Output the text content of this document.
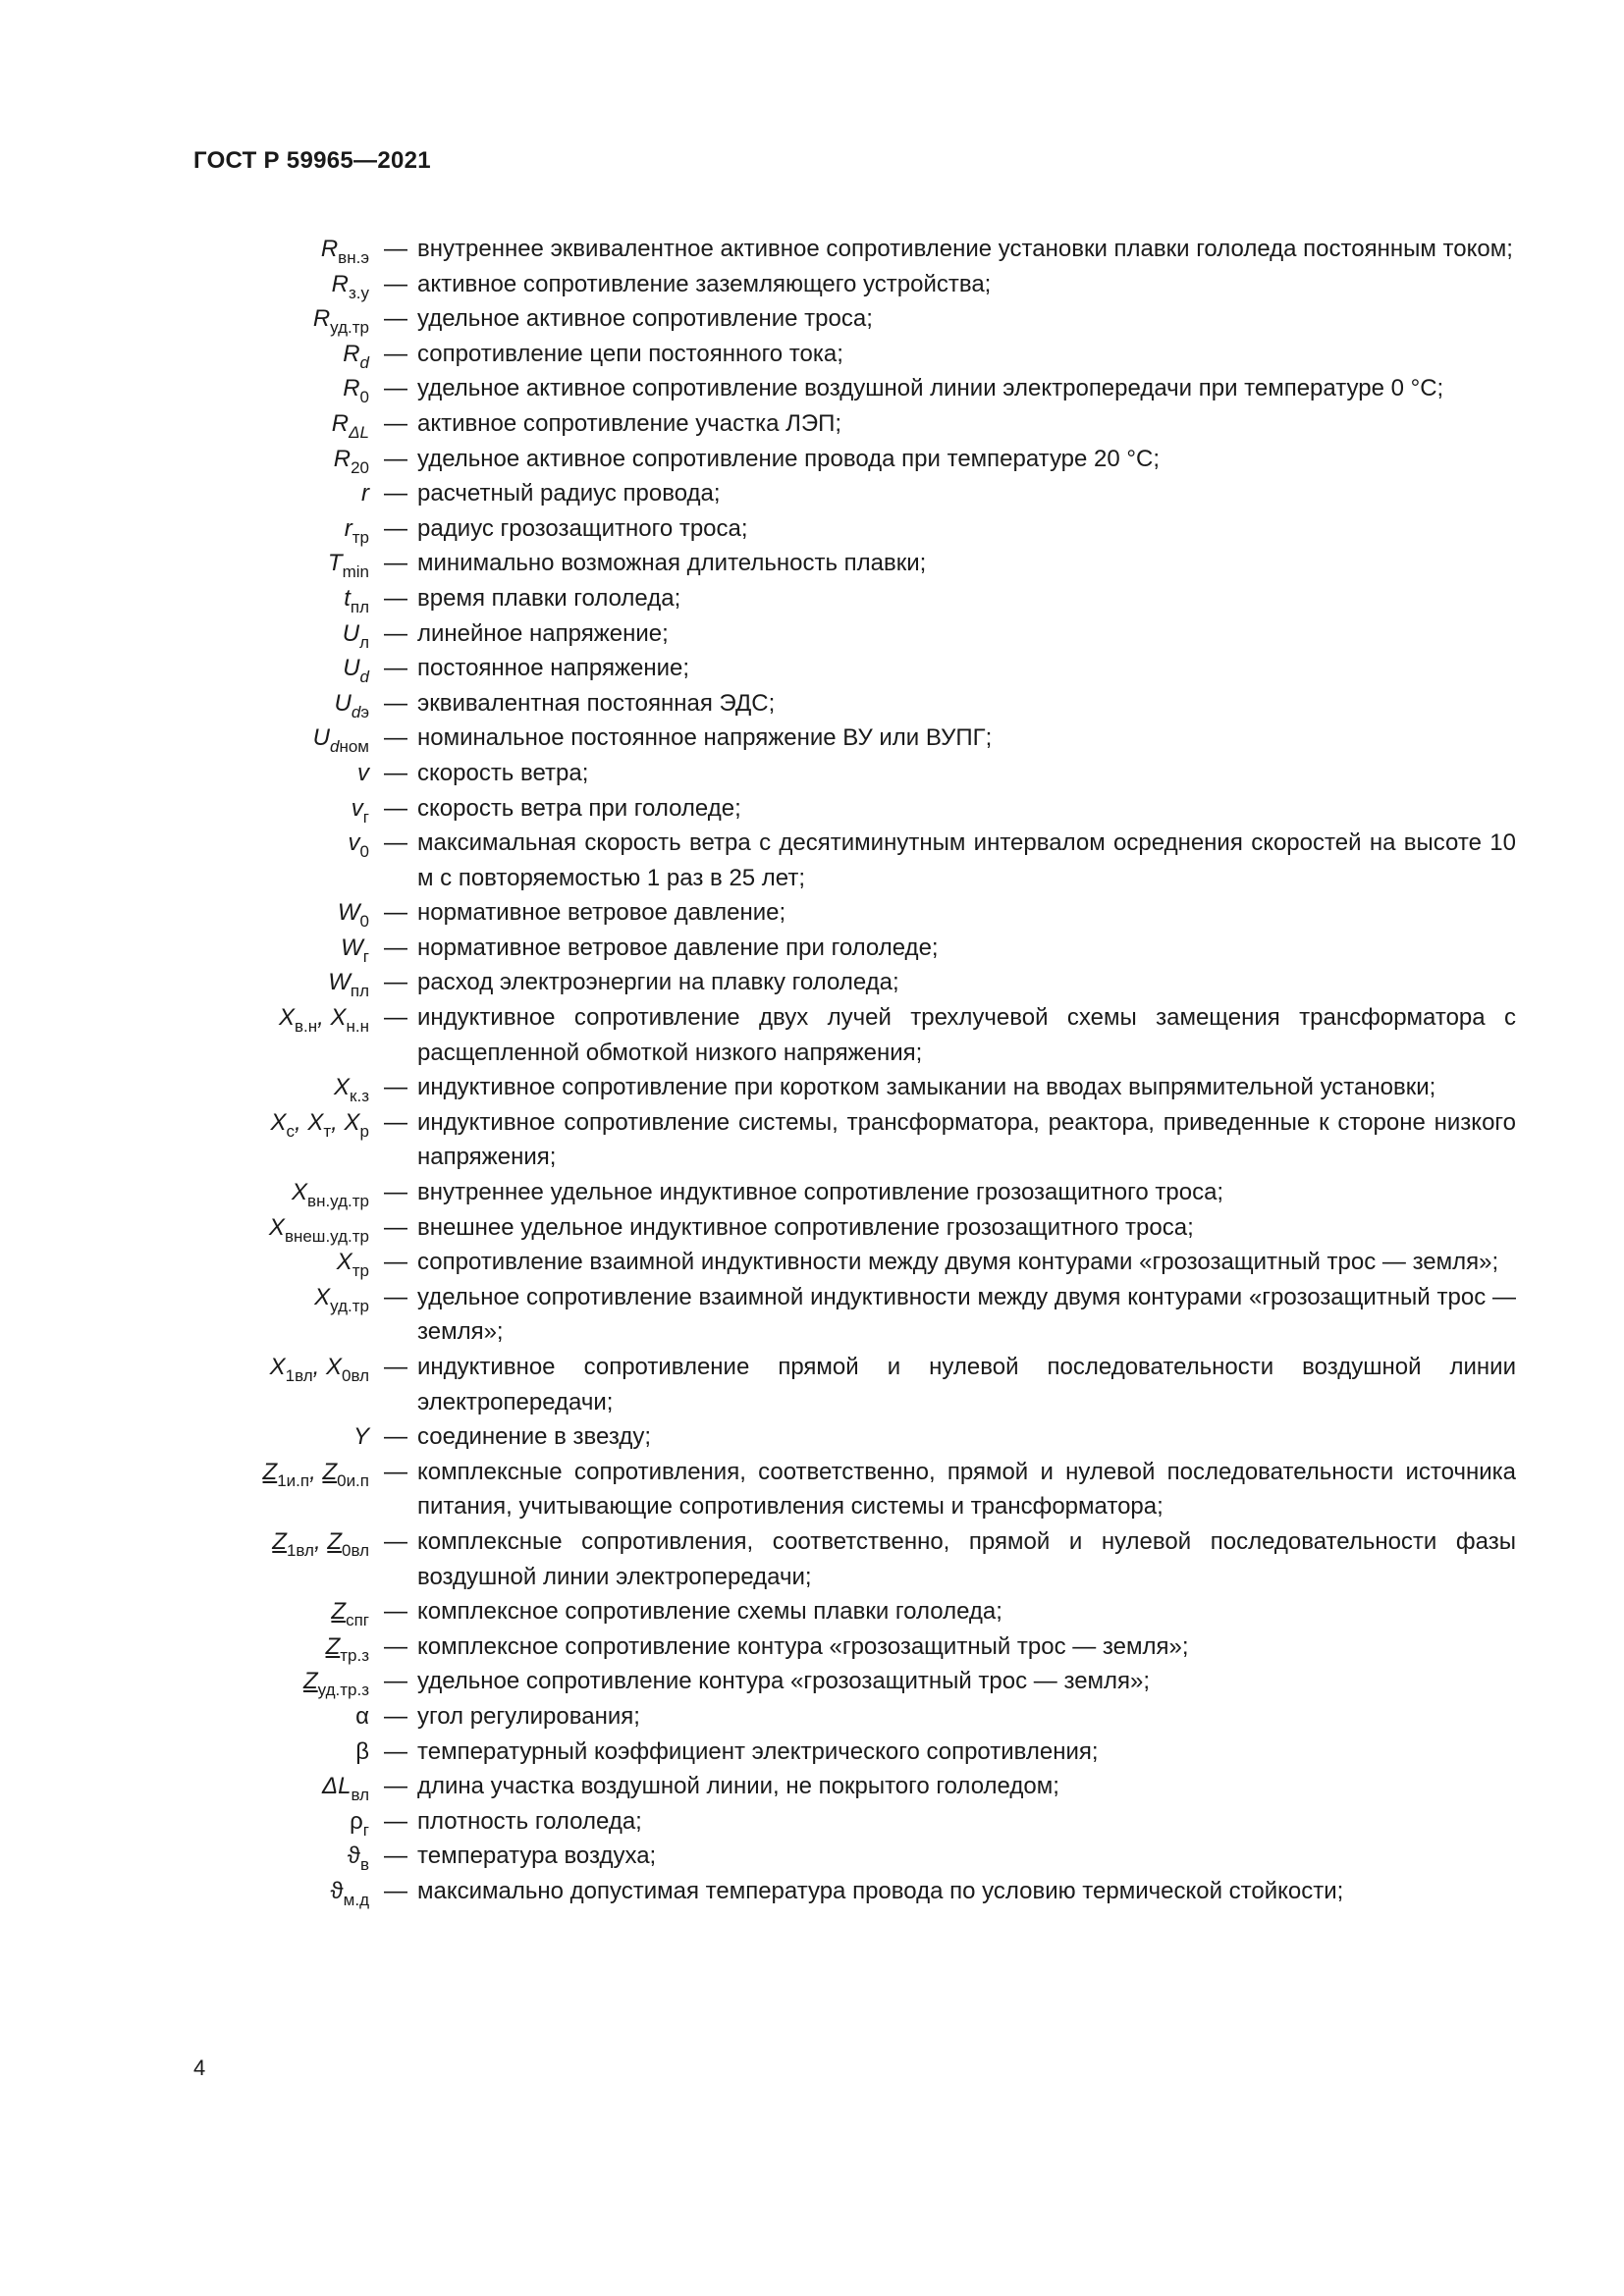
ГОСТ Р 59965—2021
$R_{вн.э}$ — внутреннее эквивалентное активное сопротивление установки плавки гололеда постоянным током;
$R_{з.у}$ — активное сопротивление заземляющего устройства;
$R_{уд.тр}$ — удельное активное сопротивление троса;
$R_d$ — сопротивление цепи постоянного тока;
$R_0$ — удельное активное сопротивление воздушной линии электропередачи при температуре 0 °С;
$R_{\Delta L}$ — активное сопротивление участка ЛЭП;
$R_{20}$ — удельное активное сопротивление провода при температуре 20 °С;
r — расчетный радиус провода;
$r_{тр}$ — радиус грозозащитного троса;
$T_{min}$ — минимально возможная длительность плавки;
$t_{пл}$ — время плавки гололеда;
$U_л$ — линейное напряжение;
$U_d$ — постоянное напряжение;
$U_{dэ}$ — эквивалентная постоянная ЭДС;
$U_{dном}$ — номинальное постоянное напряжение ВУ или ВУПГ;
v — скорость ветра;
$v_г$ — скорость ветра при гололеде;
$v_0$ — максимальная скорость ветра с десятиминутным интервалом осреднения скоростей на высоте 10 м с повторяемостью 1 раз в 25 лет;
$W_0$ — нормативное ветровое давление;
$W_г$ — нормативное ветровое давление при гололеде;
$W_{пл}$ — расход электроэнергии на плавку гололеда;
$X_{в.н}$, $X_{н.н}$ — индуктивное сопротивление двух лучей трехлучевой схемы замещения трансформатора с расщепленной обмоткой низкого напряжения;
$X_{к.з}$ — индуктивное сопротивление при коротком замыкании на вводах выпрямительной установки;
$X_с$, $X_т$, $X_р$ — индуктивное сопротивление системы, трансформатора, реактора, приведенные к стороне низкого напряжения;
$X_{вн.уд.тр}$ — внутреннее удельное индуктивное сопротивление грозозащитного троса;
$X_{внеш.уд.тр}$ — внешнее удельное индуктивное сопротивление грозозащитного троса;
$X_{тр}$ — сопротивление взаимной индуктивности между двумя контурами «грозозащитный трос — земля»;
$X_{уд.тр}$ — удельное сопротивление взаимной индуктивности между двумя контурами «грозозащитный трос — земля»;
$X_{1вл}$, $X_{0вл}$ — индуктивное сопротивление прямой и нулевой последовательности воздушной линии электропередачи;
Y — соединение в звезду;
$Z_{1и.п}$, $Z_{0и.п}$ — комплексные сопротивления, соответственно, прямой и нулевой последовательности источника питания, учитывающие сопротивления системы и трансформатора;
$Z_{1вл}$, $Z_{0вл}$ — комплексные сопротивления, соответственно, прямой и нулевой последовательности фазы воздушной линии электропередачи;
$Z_{спг}$ — комплексное сопротивление схемы плавки гололеда;
$Z_{тр.з}$ — комплексное сопротивление контура «грозозащитный трос — земля»;
$Z_{уд.тр.з}$ — удельное сопротивление контура «грозозащитный трос — земля»;
α — угол регулирования;
β — температурный коэффициент электрического сопротивления;
$\Delta L_{вл}$ — длина участка воздушной линии, не покрытого гололедом;
$\rho_г$ — плотность гололеда;
$ϑ_в$ — температура воздуха;
$ϑ_{м.д}$ — максимально допустимая температура провода по условию термической стойкости;
4
